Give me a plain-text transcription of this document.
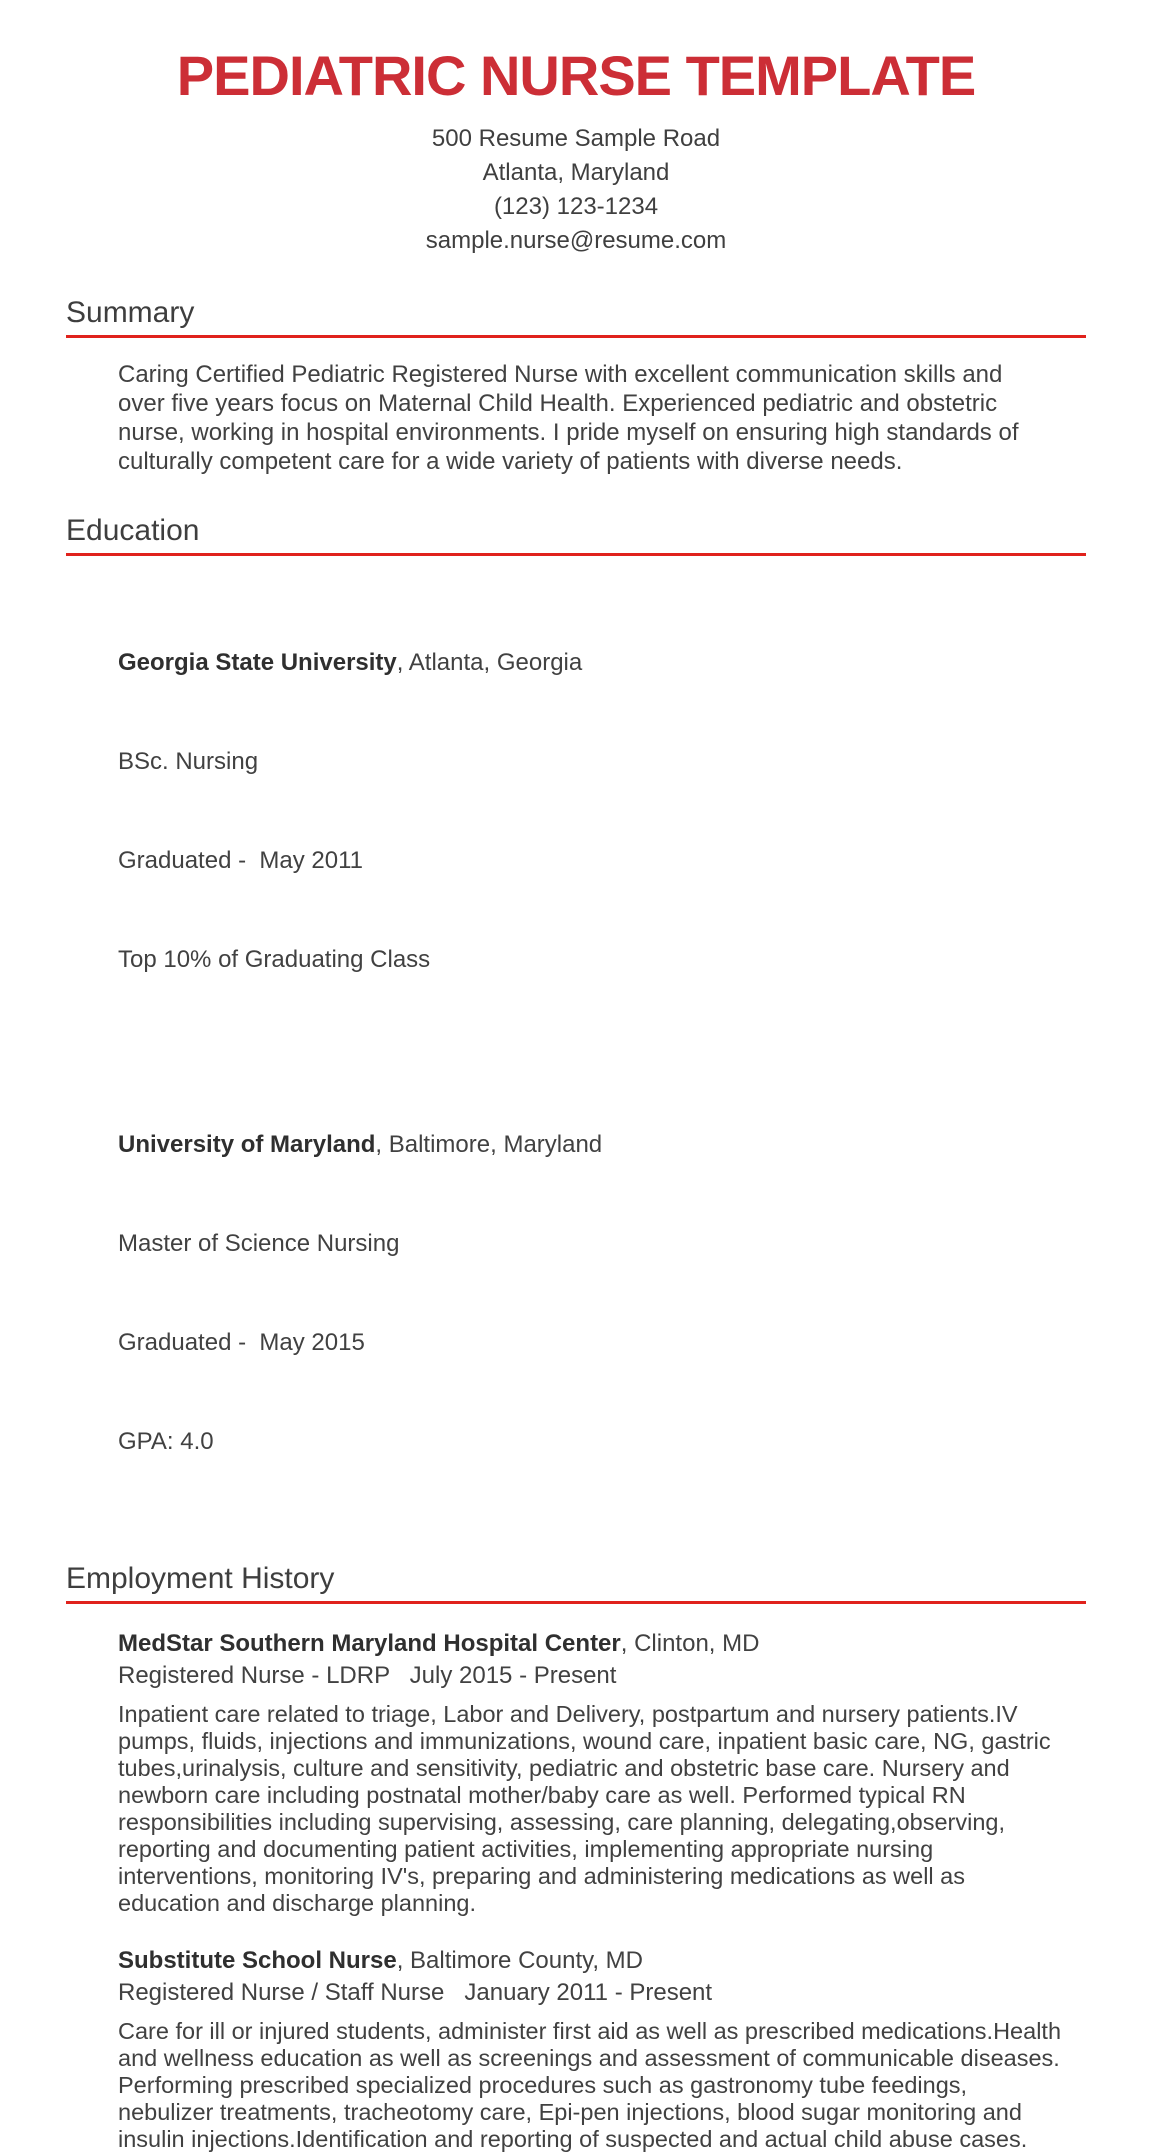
PEDIATRIC NURSE TEMPLATE
500 Resume Sample Road
Atlanta, Maryland
(123) 123-1234
sample.nurse@resume.com
Summary

Caring Certified Pediatric Registered Nurse with excellent communication skills and over five years focus on Maternal Child Health. Experienced pediatric and obstetric nurse, working in hospital environments. I pride myself on ensuring high standards of culturally competent care for a wide variety of patients with diverse needs.

Education

Georgia State University, Atlanta, Georgia

BSc. Nursing

Graduated -  May 2011

Top 10% of Graduating Class

University of Maryland, Baltimore, Maryland

Master of Science Nursing

Graduated -  May 2015

GPA: 4.0

Employment History
MedStar Southern Maryland Hospital Center, Clinton, MD
Registered Nurse - LDRP   July 2015 - Present

Inpatient care related to triage, Labor and Delivery, postpartum and nursery patients.IV pumps, fluids, injections and immunizations, wound care, inpatient basic care, NG, gastric tubes,urinalysis, culture and sensitivity, pediatric and obstetric base care. Nursery and newborn care including postnatal mother/baby care as well. Performed typical RN responsibilities including supervising, assessing, care planning, delegating,observing, reporting and documenting patient activities, implementing appropriate nursing interventions, monitoring IV's, preparing and administering medications as well as education and discharge planning.

Substitute School Nurse, Baltimore County, MD
Registered Nurse / Staff Nurse   January 2011 - Present

Care for ill or injured students, administer first aid as well as prescribed medications.Health and wellness education as well as screenings and assessment of communicable diseases. Performing prescribed specialized procedures such as gastronomy tube feedings, nebulizer treatments, tracheotomy care, Epi-pen injections, blood sugar monitoring and insulin injections.Identification and reporting of suspected and actual child abuse cases.
